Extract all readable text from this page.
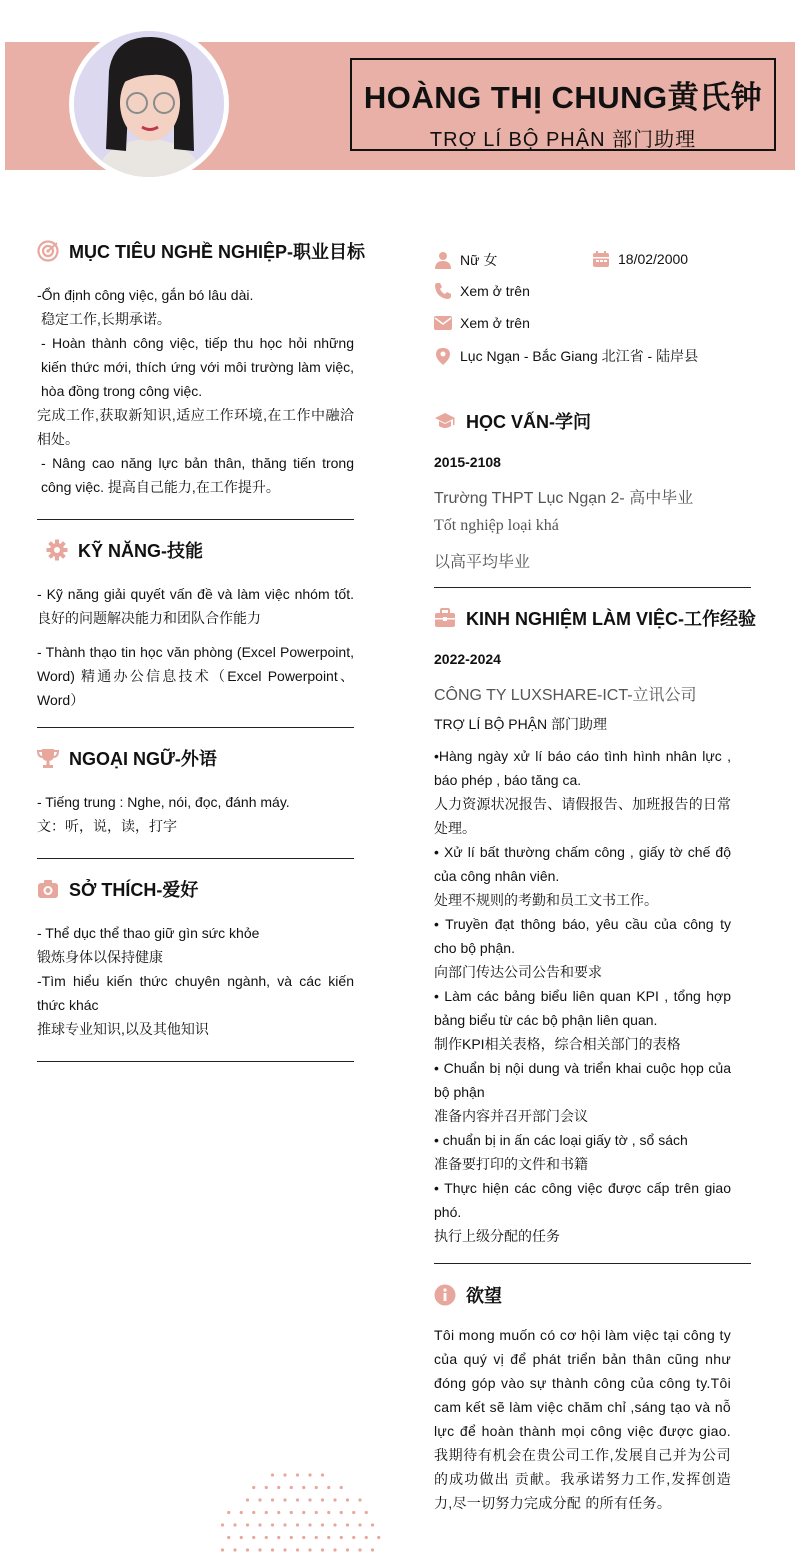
HOÀNG THỊ CHUNG黄氏钟
TRỢ LÍ BỘ PHẬN 部门助理
MỤC TIÊU NGHỀ NGHIỆP-职业目标

-Ổn định công việc, gắn bó lâu dài.

稳定工作,长期承诺。

- Hoàn thành công việc, tiếp thu học hỏi những kiến thức mới, thích ứng với môi trường làm việc, hòa đồng trong công việc.

完成工作,获取新知识,适应工作环境,在工作中融洽相处。

- Nâng cao năng lực bản thân, thăng tiến trong công việc. 提高自己能力,在工作提升。

KỸ NĂNG-技能

- Kỹ năng giải quyết vấn đề và làm việc nhóm tốt. 良好的问题解决能力和团队合作能力

- Thành thạo tin học văn phòng (Excel Powerpoint, Word) 精通办公信息技术（Excel Powerpoint、Word）

NGOẠI NGỮ-外语

- Tiếng trung : Nghe, nói, đọc, đánh máy.

文：听，说，读，打字

SỞ THÍCH-爱好

- Thể dục thể thao giữ gìn sức khỏe

锻炼身体以保持健康

-Tìm hiểu kiến thức chuyên ngành, và các kiến thức khác

推球专业知识,以及其他知识

Nữ 女	18/02/2000
Xem ở trên
Xem ở trên
Lục Ngạn - Bắc Giang 北江省 - 陆岸县
HỌC VẤN-学问
2015-2108
Trường THPT Lục Ngạn 2- 高中毕业
Tốt nghiệp loại khá
以高平均毕业
KINH NGHIỆM LÀM VIỆC-工作经验
2022-2024
CÔNG TY LUXSHARE-ICT-立讯公司
TRỢ LÍ BỘ PHẬN 部门助理

•Hàng ngày xử lí báo cáo tình hình nhân lực , báo phép , báo tăng ca.

人力资源状况报告、请假报告、加班报告的日常处理。

• Xử lí bất thường chấm công , giấy tờ chế độ của công nhân viên.

处理不规则的考勤和员工文书工作。

• Truyền đạt thông báo, yêu cầu của công ty cho bộ phận.

向部门传达公司公告和要求

• Làm các bảng biểu liên quan KPI , tổng hợp bảng biểu từ các bộ phận liên quan.

制作KPI相关表格，综合相关部门的表格

• Chuẩn bị nội dung và triển khai cuộc họp của bộ phận

准备内容并召开部门会议

• chuẩn bị in ấn các loại giấy tờ , sổ sách

准备要打印的文件和书籍

• Thực hiện các công việc được cấp trên giao phó.

执行上级分配的任务

欲望
Tôi mong muốn có cơ hội làm việc tại công ty của quý vị để phát triển bản thân cũng như đóng góp vào sự thành công của công ty.Tôi cam kết sẽ làm việc chăm chỉ ,sáng tạo và nỗ lực để hoàn thành mọi công việc được giao. 我期待有机会在贵公司工作,发展自己并为公司的成功做出 贡献。我承诺努力工作,发挥创造力,尽一切努力完成分配 的所有任务。
